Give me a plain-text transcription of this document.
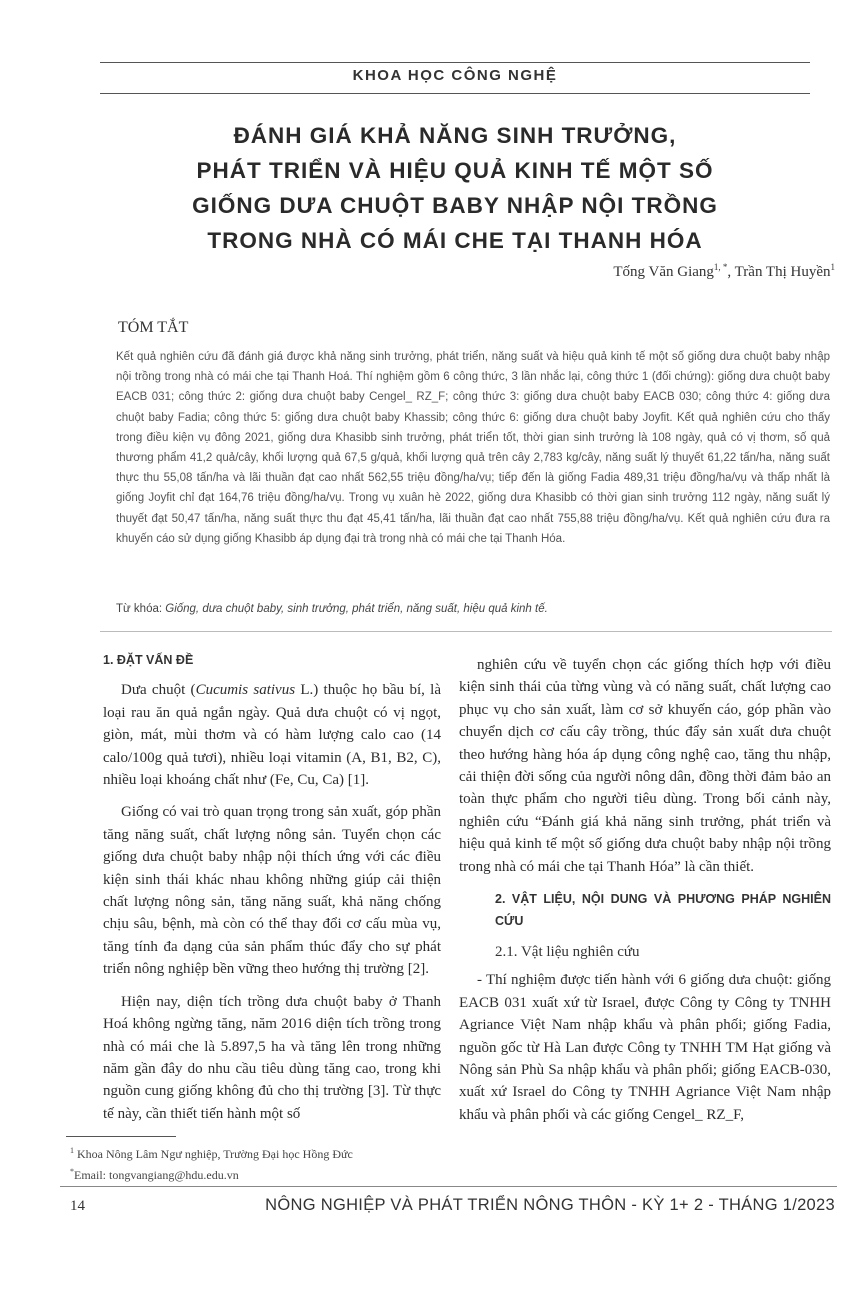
KHOA HỌC CÔNG NGHỆ
ĐÁNH GIÁ KHẢ NĂNG SINH TRƯỞNG,
PHÁT TRIỂN VÀ HIỆU QUẢ KINH TẾ MỘT SỐ
GIỐNG DƯA CHUỘT BABY NHẬP NỘI TRỒNG
TRONG NHÀ CÓ MÁI CHE TẠI THANH HÓA
Tống Văn Giang$^{1, *}$, Trần Thị Huyền$^1$
TÓM TẮT
Kết quả nghiên cứu đã đánh giá được khả năng sinh trưởng, phát triển, năng suất và hiệu quả kinh tế một số giống dưa chuột baby nhập nội trồng trong nhà có mái che tại Thanh Hoá. Thí nghiệm gồm 6 công thức, 3 lần nhắc lại, công thức 1 (đối chứng): giống dưa chuột baby EACB 031; công thức 2: giống dưa chuột baby Cengel_ RZ_F; công thức 3: giống dưa chuột baby EACB 030; công thức 4: giống dưa chuột baby Fadia; công thức 5: giống dưa chuột baby Khassib; công thức 6: giống dưa chuột baby Joyfit. Kết quả nghiên cứu cho thấy trong điều kiện vụ đông 2021, giống dưa Khasibb sinh trưởng, phát triển tốt, thời gian sinh trưởng là 108 ngày, quả có vị thơm, số quả thương phẩm 41,2 quả/cây, khối lượng quả 67,5 g/quả, khối lượng quả trên cây 2,783 kg/cây, năng suất lý thuyết 61,22 tấn/ha, năng suất thực thu 55,08 tấn/ha và lãi thuần đạt cao nhất 562,55 triệu đồng/ha/vụ; tiếp đến là giống Fadia 489,31 triệu đồng/ha/vụ và thấp nhất là giống Joyfit chỉ đạt 164,76 triệu đồng/ha/vụ. Trong vụ xuân hè 2022, giống dưa Khasibb có thời gian sinh trưởng 112 ngày, năng suất lý thuyết đạt 50,47 tấn/ha, năng suất thực thu đạt 45,41 tấn/ha, lãi thuần đạt cao nhất 755,88 triệu đồng/ha/vụ. Kết quả nghiên cứu đưa ra khuyến cáo sử dụng giống Khasibb áp dụng đại trà trong nhà có mái che tại Thanh Hóa.
Từ khóa: Giống, dưa chuột baby, sinh trưởng, phát triển, năng suất, hiệu quả kinh tế.
1. ĐẶT VẤN ĐỀ

Dưa chuột (Cucumis sativus L.) thuộc họ bầu bí, là loại rau ăn quả ngắn ngày. Quả dưa chuột có vị ngọt, giòn, mát, mùi thơm và có hàm lượng calo cao (14 calo/100g quả tươi), nhiều loại vitamin (A, B1, B2, C), nhiều loại khoáng chất như (Fe, Cu, Ca) [1].

Giống có vai trò quan trọng trong sản xuất, góp phần tăng năng suất, chất lượng nông sản. Tuyển chọn các giống dưa chuột baby nhập nội thích ứng với các điều kiện sinh thái khác nhau không những giúp cải thiện chất lượng nông sản, tăng năng suất, khả năng chống chịu sâu, bệnh, mà còn có thể thay đổi cơ cấu mùa vụ, tăng tính đa dạng của sản phẩm thúc đẩy cho sự phát triển nông nghiệp bền vững theo hướng thị trường [2].

Hiện nay, diện tích trồng dưa chuột baby ở Thanh Hoá không ngừng tăng, năm 2016 diện tích trồng trong nhà có mái che là 5.897,5 ha và tăng lên trong những năm gần đây do nhu cầu tiêu dùng tăng cao, trong khi nguồn cung giống không đủ cho thị trường [3]. Từ thực tế này, cần thiết tiến hành một số

nghiên cứu về tuyển chọn các giống thích hợp với điều kiện sinh thái của từng vùng và có năng suất, chất lượng cao phục vụ cho sản xuất, làm cơ sở khuyến cáo, góp phần vào chuyển dịch cơ cấu cây trồng, thúc đẩy sản xuất dưa chuột theo hướng hàng hóa áp dụng công nghệ cao, tăng thu nhập, cải thiện đời sống của người nông dân, đồng thời đảm bảo an toàn thực phẩm cho người tiêu dùng. Trong bối cảnh này, nghiên cứu “Đánh giá khả năng sinh trưởng, phát triển và hiệu quả kinh tế một số giống dưa chuột baby nhập nội trồng trong nhà có mái che tại Thanh Hóa” là cần thiết.

2. VẬT LIỆU, NỘI DUNG VÀ PHƯƠNG PHÁP NGHIÊN CỨU
2.1. Vật liệu nghiên cứu

- Thí nghiệm được tiến hành với 6 giống dưa chuột: giống EACB 031 xuất xứ từ Israel, được Công ty Công ty TNHH Agriance Việt Nam nhập khẩu và phân phối; giống Fadia, nguồn gốc từ Hà Lan được Công ty TNHH TM Hạt giống và Nông sản Phù Sa nhập khẩu và phân phối; giống EACB-030, xuất xứ Israel do Công ty TNHH Agriance Việt Nam nhập khẩu và phân phối và các giống Cengel_ RZ_F,

$^1$ Khoa Nông Lâm Ngư nghiệp, Trường Đại học Hồng Đức
*Email: tongvangiang@hdu.edu.vn
14	NÔNG NGHIỆP VÀ PHÁT TRIỂN NÔNG THÔN - KỲ 1+ 2 - THÁNG 1/2023
